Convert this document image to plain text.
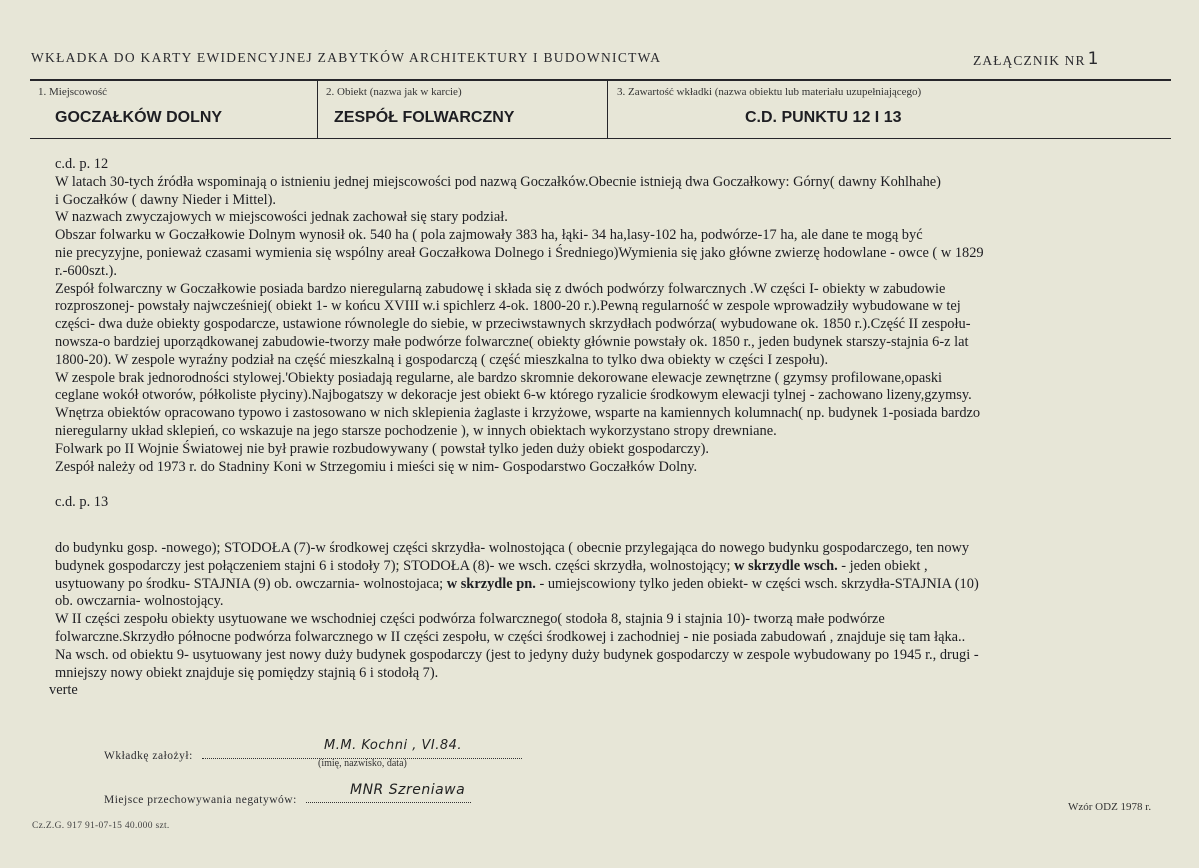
WKŁADKA DO KARTY EWIDENCYJNEJ ZABYTKÓW ARCHITEKTURY I BUDOWNICTWA	ZAŁĄCZNIK NR 1
1. Miejscowość
GOCZAŁKÓW DOLNY
2. Obiekt (nazwa jak w karcie)
ZESPÓŁ FOLWARCZNY
3. Zawartość wkładki (nazwa obiektu lub materiału uzupełniającego)
C.D. PUNKTU 12 I 13

c.d. p. 12

W latach 30-tych źródła wspominają o istnieniu jednej miejscowości pod nazwą Goczałków.Obecnie istnieją dwa Goczałkowy: Górny( dawny Kohlhahe)

i Goczałków ( dawny Nieder i Mittel).

W nazwach zwyczajowych w miejscowości jednak zachował się stary podział.

Obszar folwarku w Goczałkowie Dolnym wynosił ok. 540 ha ( pola zajmowały 383 ha, łąki- 34 ha,lasy-102 ha, podwórze-17 ha, ale dane te mogą być

nie precyzyjne, ponieważ czasami wymienia się wspólny areał Goczałkowa Dolnego i Średniego)Wymienia się jako główne zwierzę hodowlane - owce ( w 1829

r.-600szt.).

Zespół folwarczny w Goczałkowie posiada bardzo nieregularną zabudowę i składa się z dwóch podwórzy folwarcznych .W części I- obiekty w zabudowie

rozproszonej- powstały najwcześniej( obiekt 1- w końcu XVIII w.i spichlerz 4-ok. 1800-20 r.).Pewną regularność w zespole wprowadziły wybudowane w tej

części- dwa duże obiekty gospodarcze, ustawione równolegle do siebie, w przeciwstawnych skrzydłach podwórza( wybudowane ok. 1850 r.).Część II zespołu-

nowsza-o bardziej uporządkowanej zabudowie-tworzy małe podwórze folwarczne( obiekty głównie powstały ok. 1850 r., jeden budynek starszy-stajnia 6-z lat

1800-20). W zespole wyraźny podział na część mieszkalną i gospodarczą ( część mieszkalna to tylko dwa obiekty w części I zespołu).

W zespole brak jednorodności stylowej.'Obiekty posiadają regularne, ale bardzo skromnie dekorowane elewacje zewnętrzne ( gzymsy profilowane,opaski

ceglane wokół otworów, półkoliste płyciny).Najbogatszy w dekoracje jest obiekt 6-w którego ryzalicie środkowym elewacji tylnej - zachowano lizeny,gzymsy.

Wnętrza obiektów opracowano typowo i zastosowano w nich sklepienia żaglaste i krzyżowe, wsparte na kamiennych kolumnach( np. budynek 1-posiada bardzo

nieregularny układ sklepień, co wskazuje na jego starsze pochodzenie ), w innych obiektach wykorzystano stropy drewniane.

Folwark po II Wojnie Światowej nie był prawie rozbudowywany ( powstał tylko jeden duży obiekt gospodarczy).

Zespół należy od 1973 r. do Stadniny Koni w Strzegomiu i mieści się w nim- Gospodarstwo Goczałków Dolny.

c.d. p. 13

do budynku gosp. -nowego); STODOŁA (7)-w środkowej części skrzydła- wolnostojąca ( obecnie przylegająca do nowego budynku gospodarczego, ten nowy

budynek gospodarczy jest połączeniem stajni 6 i stodoły 7); STODOŁA (8)- we wsch. części skrzydła, wolnostojący; w skrzydle wsch. - jeden obiekt ,

usytuowany po środku- STAJNIA (9) ob. owczarnia- wolnostojaca; w skrzydle pn. - umiejscowiony tylko jeden obiekt- w części wsch. skrzydła-STAJNIA (10)

ob. owczarnia- wolnostojący.

W II części zespołu obiekty usytuowane we wschodniej części podwórza folwarcznego( stodoła 8, stajnia 9 i stajnia 10)- tworzą małe podwórze

folwarczne.Skrzydło północne podwórza folwarcznego w II części zespołu, w części środkowej i zachodniej - nie posiada zabudowań , znajduje się tam łąka..

Na wsch. od obiektu 9- usytuowany jest nowy duży budynek gospodarczy (jest to jedyny duży budynek gospodarczy w zespole wybudowany po 1945 r., drugi -

mniejszy nowy obiekt znajduje się pomiędzy stajnią 6 i stodołą 7).

verte

Wkładkę założył:
M.M. Kochni , VI.84.
(imię, nazwisko, data)
Miejsce przechowywania negatywów:
MNR Szreniawa
Wzór ODZ 1978 r.
Cz.Z.G. 917 91-07-15 40.000 szt.
